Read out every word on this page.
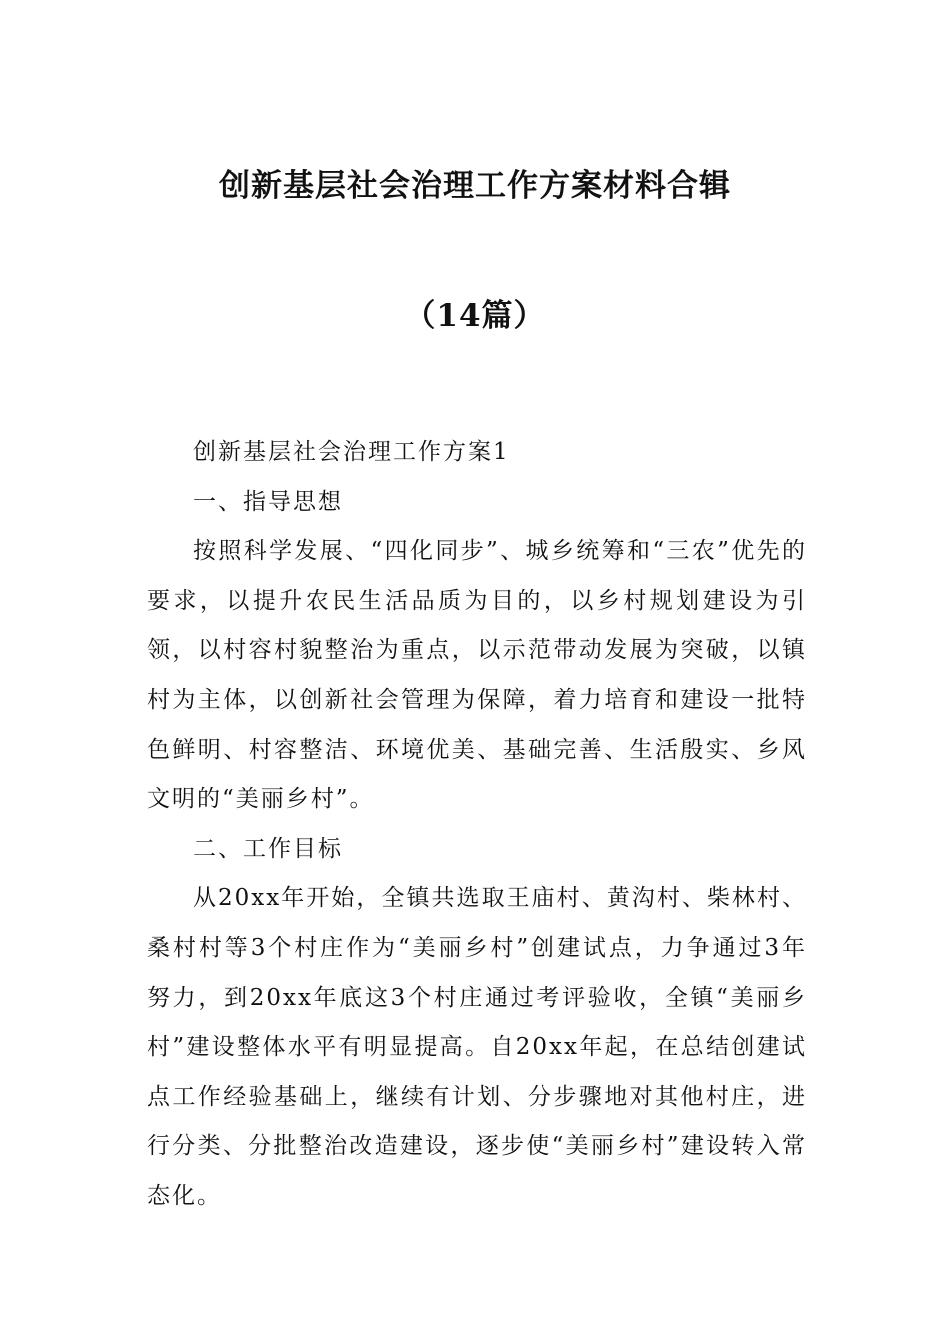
创新基层社会治理工作方案材料合辑
（14篇）

创新基层社会治理工作方案1

一、指导思想

按照科学发展、“四化同步”、城乡统筹和“三农”优先的要求，以提升农民生活品质为目的，以乡村规划建设为引领，以村容村貌整治为重点，以示范带动发展为突破，以镇村为主体，以创新社会管理为保障，着力培育和建设一批特色鲜明、村容整洁、环境优美、基础完善、生活殷实、乡风文明的“美丽乡村”。

二、工作目标

从20xx年开始，全镇共选取王庙村、黄沟村、柴林村、桑村村等3个村庄作为“美丽乡村”创建试点，力争通过3年努力，到20xx年底这3个村庄通过考评验收，全镇“美丽乡村”建设整体水平有明显提高。自20xx年起，在总结创建试点工作经验基础上，继续有计划、分步骤地对其他村庄，进行分类、分批整治改造建设，逐步使“美丽乡村”建设转入常态化。
